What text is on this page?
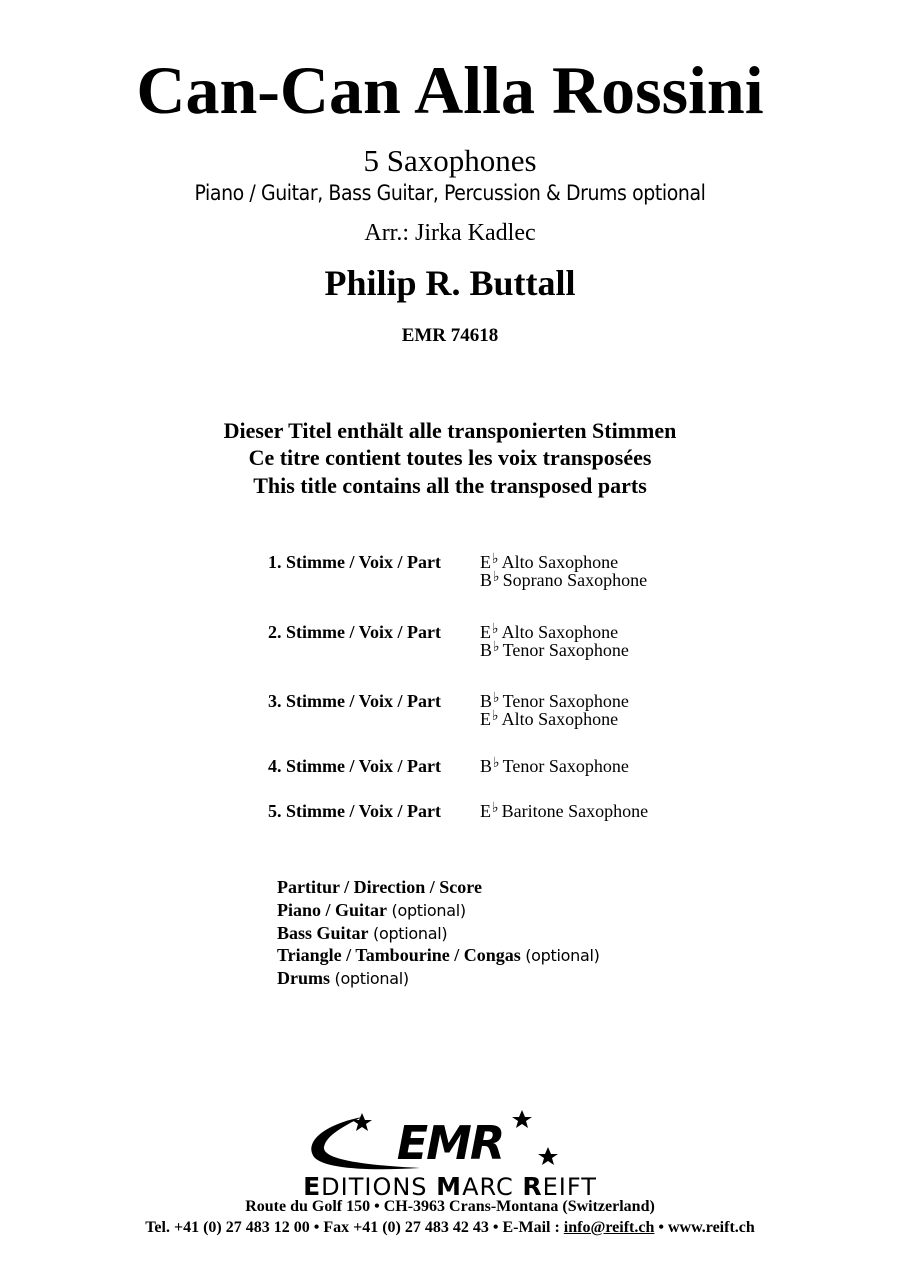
Can-Can Alla Rossini
5 Saxophones
Piano / Guitar, Bass Guitar, Percussion & Drums optional
Arr.: Jirka Kadlec
Philip R. Buttall
EMR 74618
Dieser Titel enthält alle transponierten Stimmen
Ce titre contient toutes les voix transposées
This title contains all the transposed parts
1. Stimme / Voix / Part E♭ Alto Saxophone
B♭ Soprano Saxophone
2. Stimme / Voix / Part E♭ Alto Saxophone
B♭ Tenor Saxophone
3. Stimme / Voix / Part B♭ Tenor Saxophone
E♭ Alto Saxophone
4. Stimme / Voix / Part B♭ Tenor Saxophone
5. Stimme / Voix / Part E♭ Baritone Saxophone
Partitur / Direction / Score
Piano / Guitar (optional)
Bass Guitar (optional)
Triangle / Tambourine / Congas (optional)
Drums (optional)
EMR
EDITIONS MARC REIFT
Route du Golf 150 • CH-3963 Crans-Montana (Switzerland)
Tel. +41 (0) 27 483 12 00 • Fax +41 (0) 27 483 42 43 • E-Mail : info@reift.ch • www.reift.ch
